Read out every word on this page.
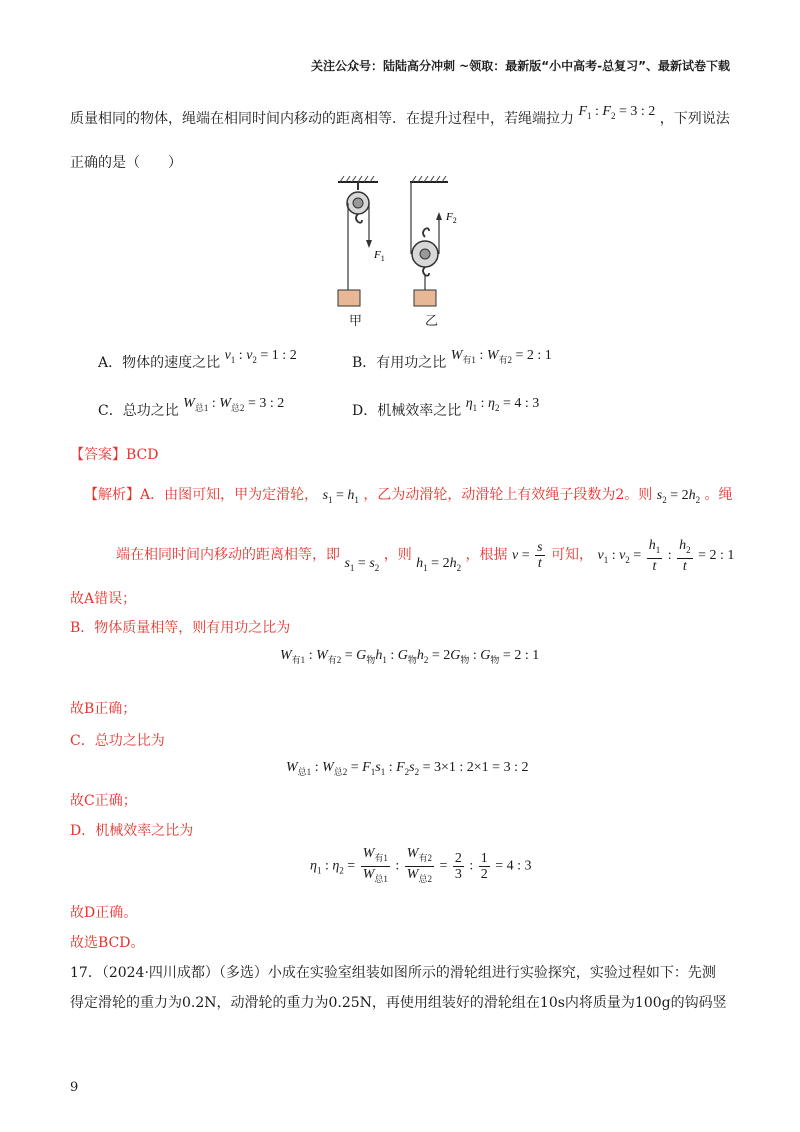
关注公众号：陆陆高分冲刺 ~领取：最新版“小中高考-总复习”、最新试卷下载
质量相同的物体，绳端在相同时间内移动的距离相等．在提升过程中，若绳端拉力 $F_1$ : $F_2 = 3$ : 2 ，下列说法
正确的是（　　）
$F_1$
$F_2$
甲	乙
A．物体的速度之比 $v_1$ : $v_2 = 1$ : 2	B．有用功之比 $W_{有1}$ : $W_{有2} = 2$ : 1
C．总功之比 $W_{总1}$ : $W_{总2} = 3$ : 2	D．机械效率之比 $\eta_1$ : $\eta_2 = 4$ : 3
【答案】BCD
【解析】A．由图可知，甲为定滑轮， $s_1 = h_1$ ，乙为动滑轮，动滑轮上有效绳子段数为2。则 $s_2 = 2h_2$ 。绳
端在相同时间内移动的距离相等，即 $s_1 = s_2$ ，则 $h_1 = 2h_2$ ，根据 $v = \frac{s}{t}$ 可知， $v_1$ : $v_2 = \frac{h_1}{t}$ : $\frac{h_2}{t} = 2$ : 1
故A错误；
B．物体质量相等，则有用功之比为
$W_{有1}$ : $W_{有2} = G_物h_1$ : $G_物h_2 = 2G_物$ : $G_物 = 2$ : 1
故B正确；
C．总功之比为
$W_{总1}$ : $W_{总2} = F_1s_1$ : $F_2s_2 = 3\times 1$ : 2×1 = 3 : 2
故C正确；
D．机械效率之比为
$\eta_1$ : $\eta_2 = \frac{W_{有1}}{W_{总1}}$ : $\frac{W_{有2}}{W_{总2}} = \frac{2}{3}$ : $\frac{1}{2} = 4$ : 3
故D正确。
故选BCD。
17．（2024·四川成都）（多选）小成在实验室组装如图所示的滑轮组进行实验探究，实验过程如下：先测
得定滑轮的重力为0.2N，动滑轮的重力为0.25N，再使用组装好的滑轮组在10s内将质量为100g的钩码竖
9
